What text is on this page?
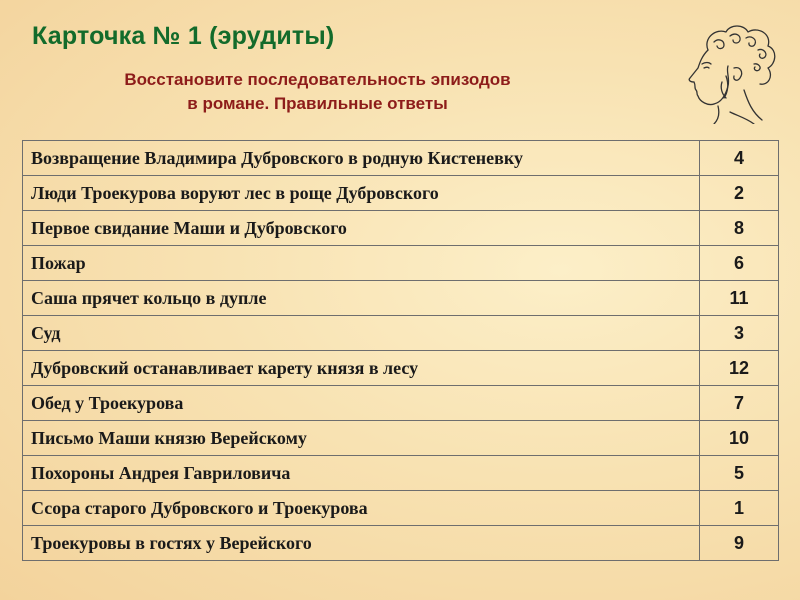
Карточка № 1 (эрудиты)

Восстановите последовательность эпизодов
в романе. Правильные ответы

Возвращение Владимира Дубровского в родную Кистеневку	4
Люди Троекурова воруют лес в роще Дубровского	2
Первое свидание Маши и Дубровского	8
Пожар	6
Саша прячет кольцо в дупле	11
Суд	3
Дубровский останавливает карету князя в лесу	12
Обед у Троекурова	7
Письмо Маши князю Верейскому	10
Похороны Андрея Гавриловича	5
Ссора старого Дубровского и Троекурова	1
Троекуровы в гостях у Верейского	9
